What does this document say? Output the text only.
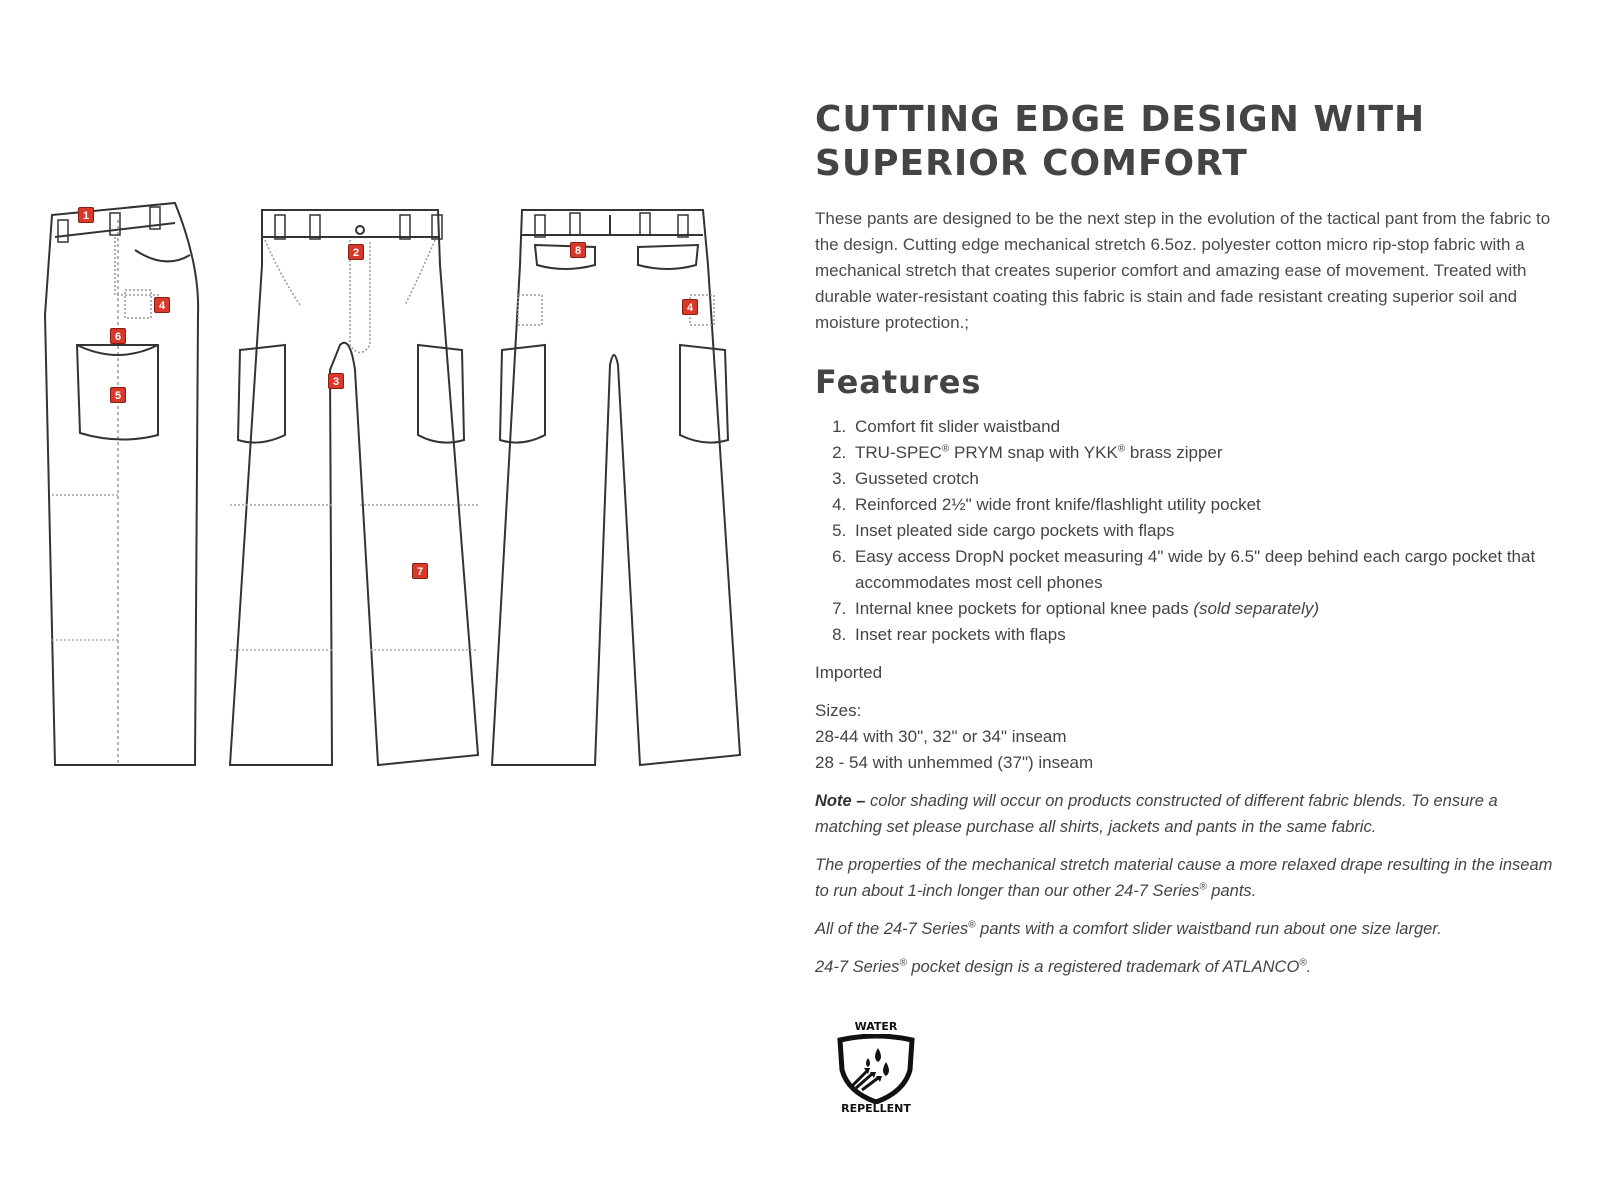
1
4
6
5
2
3
7
8
4
CUTTING EDGE DESIGN WITH SUPERIOR COMFORT

These pants are designed to be the next step in the evolution of the tactical pant from the fabric to the design. Cutting edge mechanical stretch 6.5oz. polyester cotton micro rip-stop fabric with a mechanical stretch that creates superior comfort and amazing ease of movement. Treated with durable water-resistant coating this fabric is stain and fade resistant creating superior soil and moisture protection.;

Features
1. Comfort fit slider waistband
2. TRU-SPEC® PRYM snap with YKK® brass zipper
3. Gusseted crotch
4. Reinforced 2½" wide front knife/flashlight utility pocket
5. Inset pleated side cargo pockets with flaps
6. Easy access DropN pocket measuring 4" wide by 6.5" deep behind each cargo pocket that accommodates most cell phones
7. Internal knee pockets for optional knee pads (sold separately)
8. Inset rear pockets with flaps

Imported

Sizes:
28-44 with 30", 32" or 34" inseam
28 - 54 with unhemmed (37") inseam

Note – color shading will occur on products constructed of different fabric blends. To ensure a matching set please purchase all shirts, jackets and pants in the same fabric.

The properties of the mechanical stretch material cause a more relaxed drape resulting in the inseam to run about 1-inch longer than our other 24-7 Series® pants.

All of the 24-7 Series® pants with a comfort slider waistband run about one size larger.

24-7 Series® pocket design is a registered trademark of ATLANCO®.

WATER
REPELLENT
